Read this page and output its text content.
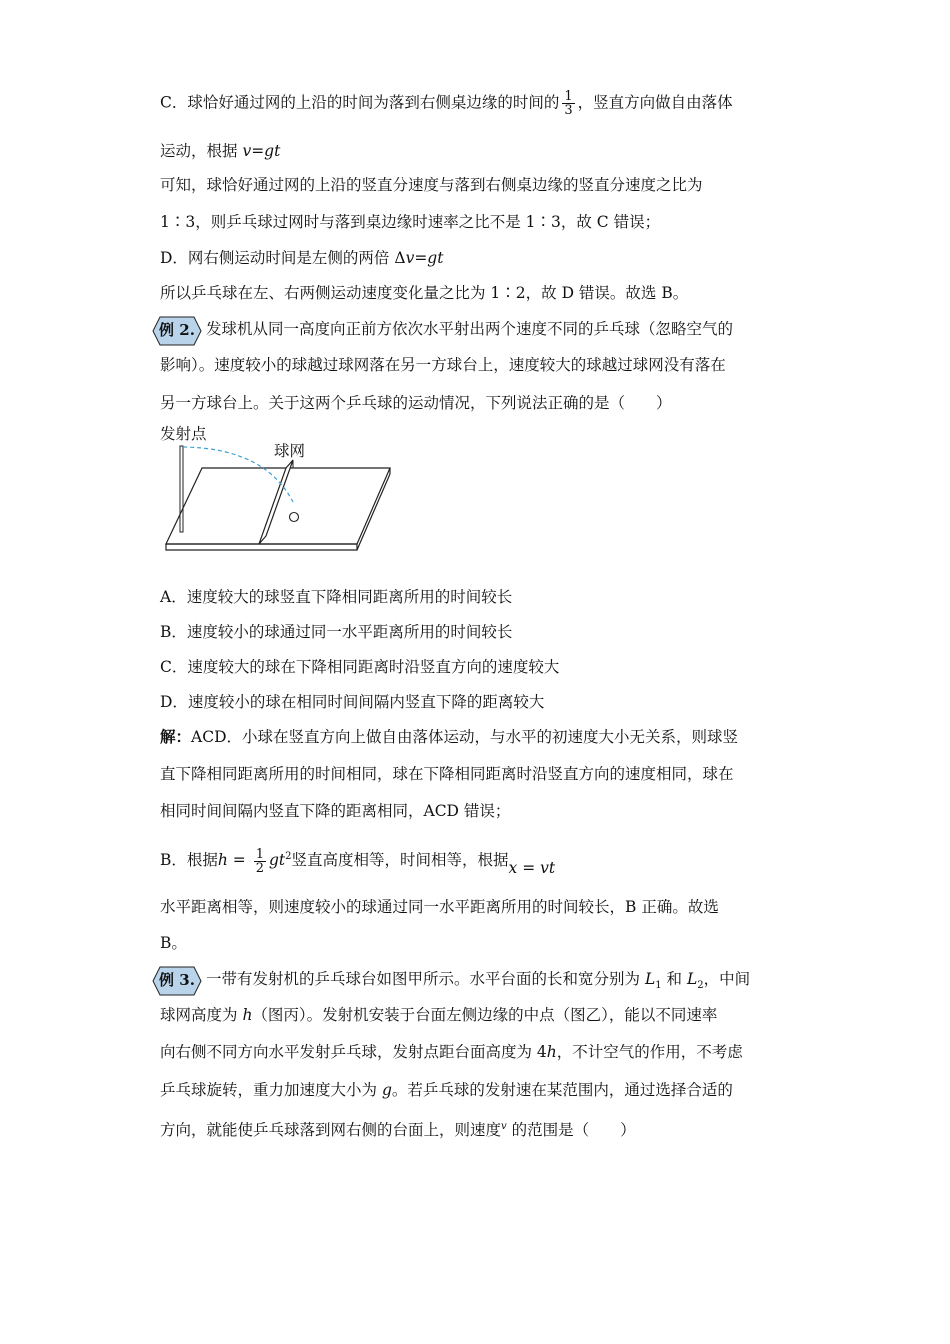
C．球恰好通过网的上沿的时间为落到右侧桌边缘的时间的 $\frac{1}{3}$ ，竖直方向做自由落体
运动，根据 v=gt
可知，球恰好通过网的上沿的竖直分速度与落到右侧桌边缘的竖直分速度之比为
1∶3，则乒乓球过网时与落到桌边缘时速率之比不是 1∶3，故 C 错误；
D．网右侧运动时间是左侧的两倍 Δv=gt
所以乒乓球在左、右两侧运动速度变化量之比为 1∶2，故 D 错误。故选 B。
例 2. 发球机从同一高度向正前方依次水平射出两个速度不同的乒乓球（忽略空气的
影响）。速度较小的球越过球网落在另一方球台上，速度较大的球越过球网没有落在
另一方球台上。关于这两个乒乓球的运动情况，下列说法正确的是（　　）
发射点
球网
A．速度较大的球竖直下降相同距离所用的时间较长
B．速度较小的球通过同一水平距离所用的时间较长
C．速度较大的球在下降相同距离时沿竖直方向的速度较大
D．速度较小的球在相同时间间隔内竖直下降的距离较大
解：ACD．小球在竖直方向上做自由落体运动，与水平的初速度大小无关系，则球竖
直下降相同距离所用的时间相同，球在下降相同距离时沿竖直方向的速度相同，球在
相同时间间隔内竖直下降的距离相同，ACD 错误；
B．根据$h = \frac{1}{2} gt^2$竖直高度相等，时间相等，根据x = vt
水平距离相等，则速度较小的球通过同一水平距离所用的时间较长，B 正确。故选
B。
例 3. 一带有发射机的乒乓球台如图甲所示。水平台面的长和宽分别为 $L_1$ 和 $L_2$，中间
球网高度为 h（图丙）。发射机安装于台面左侧边缘的中点（图乙），能以不同速率
向右侧不同方向水平发射乒乓球，发射点距台面高度为 4h，不计空气的作用，不考虑
乒乓球旋转，重力加速度大小为 g。若乒乓球的发射速在某范围内，通过选择合适的
方向，就能使乒乓球落到网右侧的台面上，则速度$^v$ 的范围是（　　）
